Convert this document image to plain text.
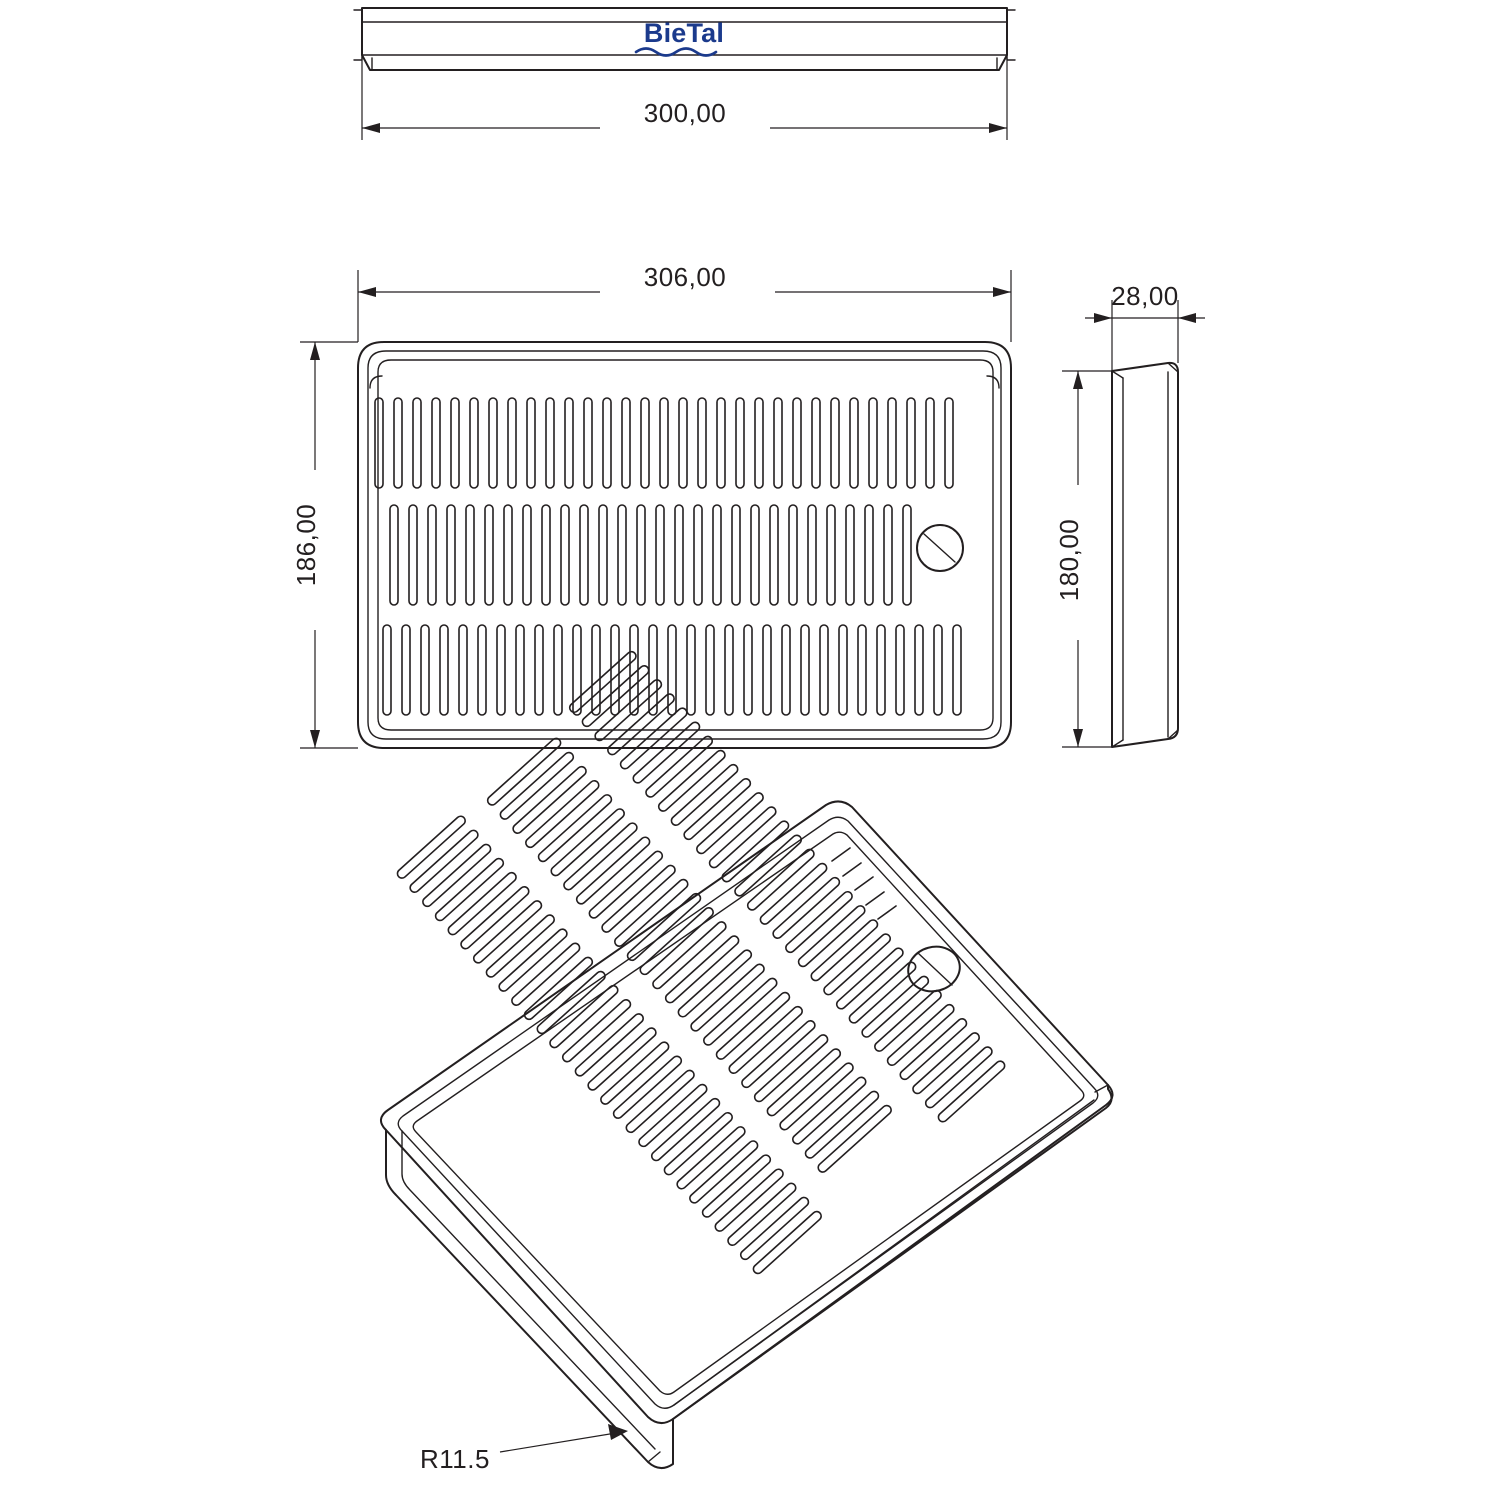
BieTal
300,00
306,00
186,00
28,00
180,00
R11.5
